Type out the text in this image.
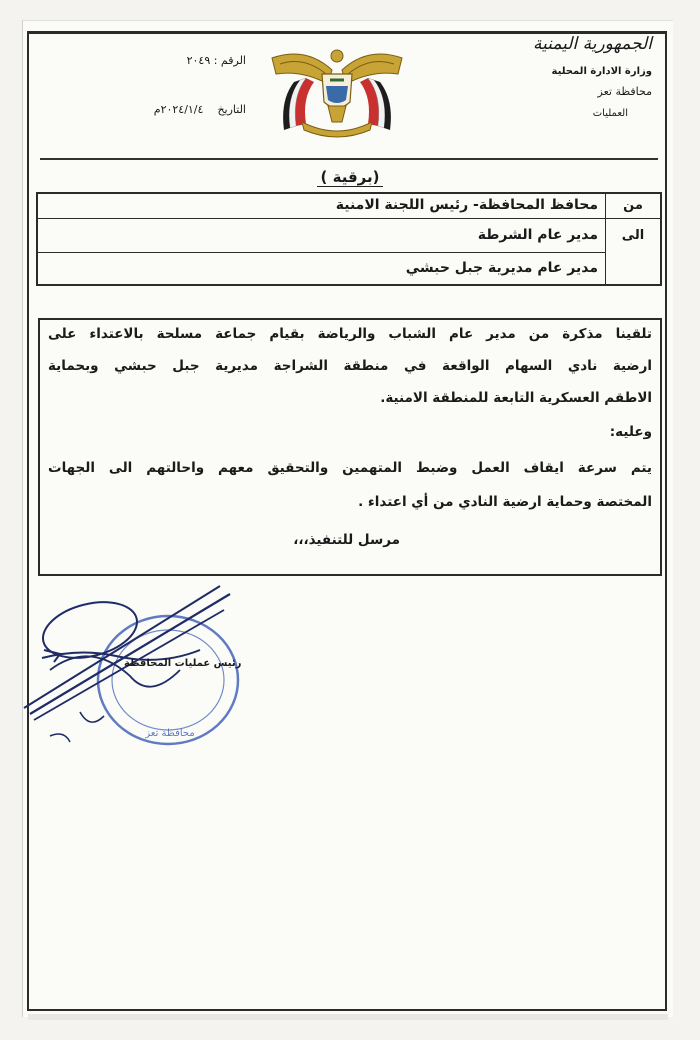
الجمهورية اليمنية
وزارة الادارة المحلية
محافظة تعز
العمليات
الرقم : ٢٠٤٩
التاريخ    ٢٠٢٤/١/٤م
(برقية )
من
الى
محافظ المحافظة- رئيس اللجنة الامنية
مدير عام الشرطة
مدير عام مديرية جبل حبشي

تلقينا مذكرة من مدير عام الشباب والرياضة بقيام جماعة مسلحة بالاعتداء على

ارضية نادي السهام الواقعة في منطقة الشراجة مديرية جبل حبشي وبحماية

الاطقم العسكرية التابعة للمنطقة الامنية.

وعليه:

يتم سرعة ايقاف العمل وضبط المتهمين والتحقيق معهم واحالتهم الى الجهات

المختصة وحماية ارضية النادي من أي اعتداء .

مرسل للتنفيذ،،،

محافظة تعز
رئيس عمليات المحافظة
